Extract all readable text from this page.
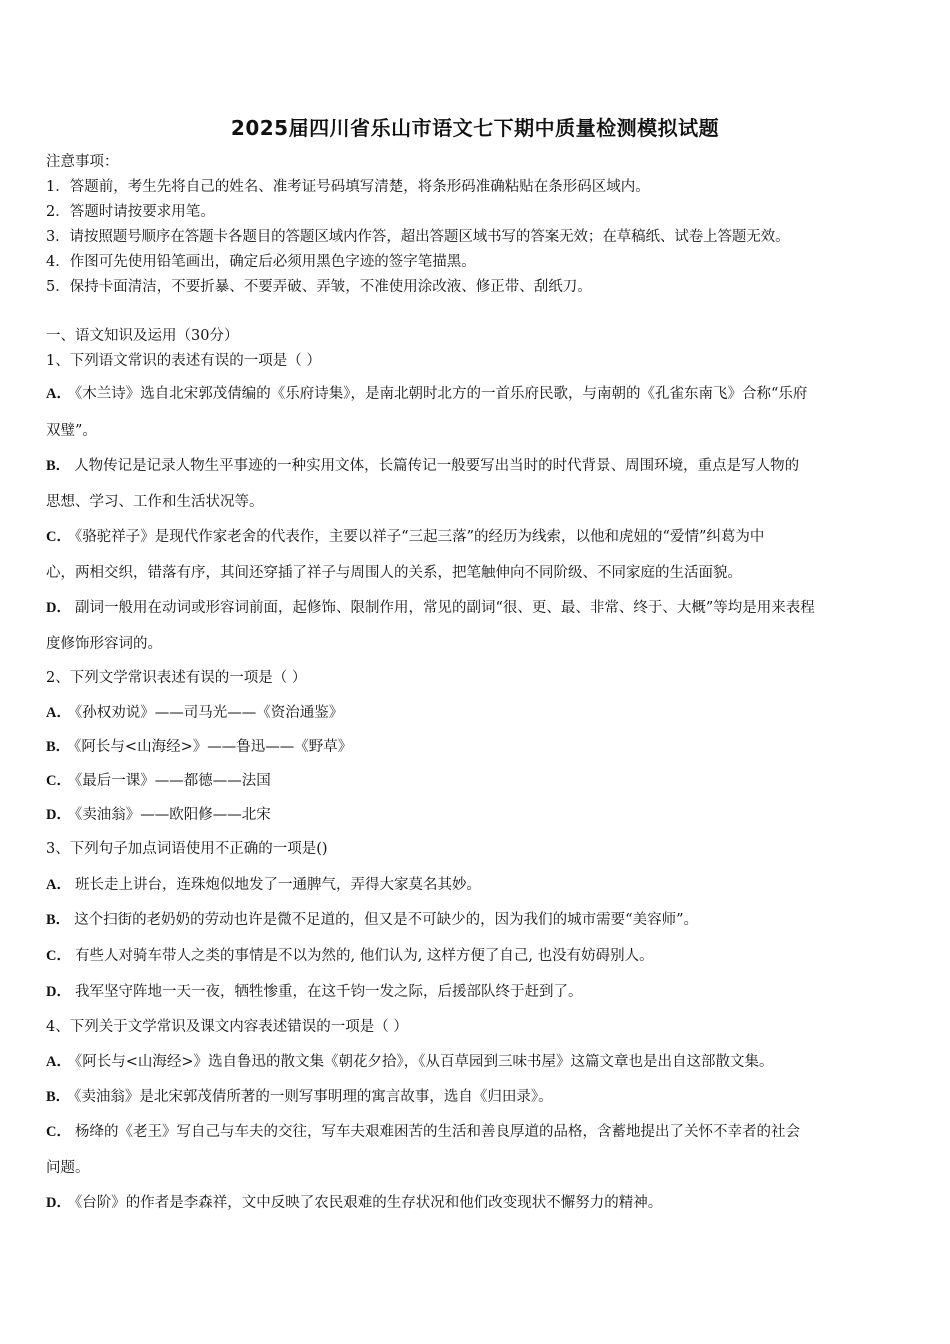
2025届四川省乐山市语文七下期中质量检测模拟试题
注意事项：
1．答题前，考生先将自己的姓名、准考证号码填写清楚，将条形码准确粘贴在条形码区域内。
2．答题时请按要求用笔。
3．请按照题号顺序在答题卡各题目的答题区域内作答，超出答题区域书写的答案无效；在草稿纸、试卷上答题无效。
4．作图可先使用铅笔画出，确定后必须用黑色字迹的签字笔描黑。
5．保持卡面清洁，不要折暴、不要弄破、弄皱，不准使用涂改液、修正带、刮纸刀。
一、语文知识及运用（30分）
1、下列语文常识的表述有误的一项是（ ）
A． 《木兰诗》选自北宋郭茂倩编的《乐府诗集》，是南北朝时北方的一首乐府民歌，与南朝的《孔雀东南飞》合称“乐府
双璧”。
B． 人物传记是记录人物生平事迹的一种实用文体，长篇传记一般要写出当时的时代背景、周围环境，重点是写人物的
思想、学习、工作和生活状况等。
C． 《骆驼祥子》是现代作家老舍的代表作，主要以祥子“三起三落”的经历为线索，以他和虎妞的“爱情”纠葛为中
心，两相交织，错落有序，其间还穿插了祥子与周围人的关系，把笔触伸向不同阶级、不同家庭的生活面貌。
D． 副词一般用在动词或形容词前面，起修饰、限制作用，常见的副词“很、更、最、非常、终于、大概”等均是用来表程
度修饰形容词的。
2、下列文学常识表述有误的一项是（ ）
A． 《孙权劝说》——司马光——《资治通鉴》
B． 《阿长与<山海经>》——鲁迅——《野草》
C． 《最后一课》——都德——法国
D． 《卖油翁》——欧阳修——北宋
3、下列句子加点词语使用不正确的一项是()
A． 班长走上讲台，连珠炮似地发了一通脾气，弄得大家莫名其妙。
B． 这个扫街的老奶奶的劳动也许是微不足道的，但又是不可缺少的，因为我们的城市需要“美容师”。
C． 有些人对骑车带人之类的事情是不以为然的, 他们认为, 这样方便了自己, 也没有妨碍别人。
D． 我军坚守阵地一天一夜，牺牲惨重，在这千钧一发之际，后援部队终于赶到了。
4、下列关于文学常识及课文内容表述错误的一项是（ ）
A． 《阿长与<山海经>》选自鲁迅的散文集《朝花夕拾》，《从百草园到三味书屋》这篇文章也是出自这部散文集。
B． 《卖油翁》是北宋郭茂倩所著的一则写事明理的寓言故事，选自《归田录》。
C． 杨绛的《老王》写自己与车夫的交往，写车夫艰难困苦的生活和善良厚道的品格，含蓄地提出了关怀不幸者的社会
问题。
D． 《台阶》的作者是李森祥，文中反映了农民艰难的生存状况和他们改变现状不懈努力的精神。
